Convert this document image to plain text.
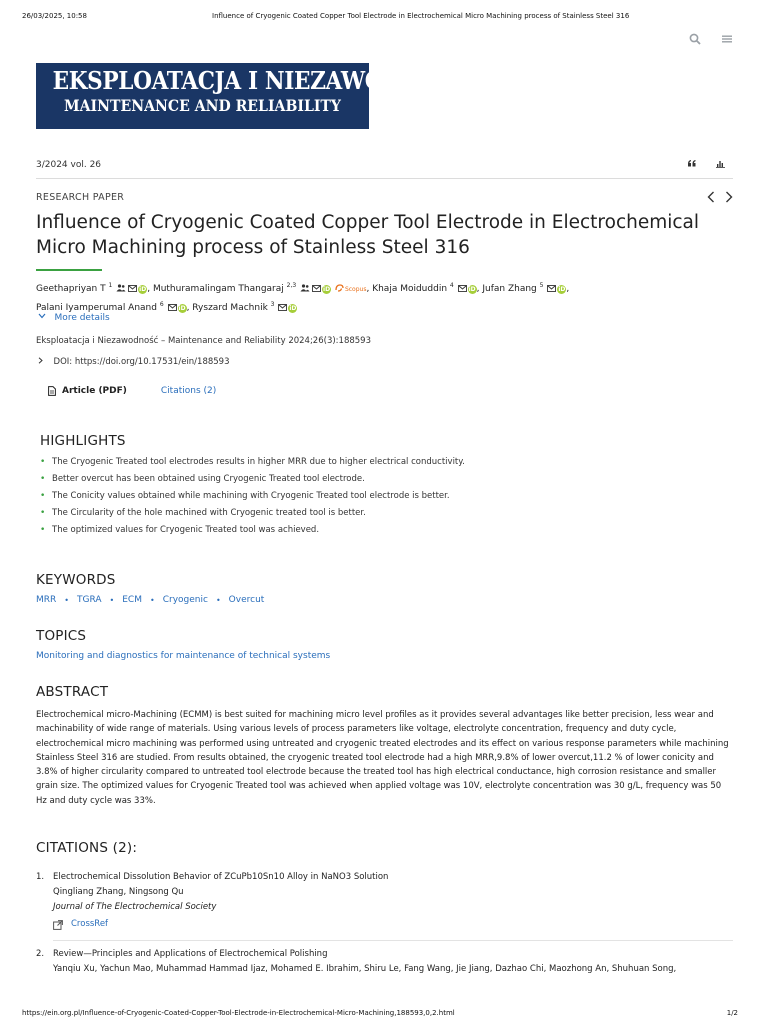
26/03/2025, 10:58	Influence of Cryogenic Coated Copper Tool Electrode in Electrochemical Micro Machining process of Stainless Steel 316
EKSPLOATACJA I NIEZAWODNOŚĆ
MAINTENANCE AND RELIABILITY
3/2024 vol. 26
RESEARCH PAPER
Influence of Cryogenic Coated Copper Tool Electrode in Electrochemical Micro Machining process of Stainless Steel 316
Geethapriyan T $^1$ iD, Muthuramalingam Thangaraj $^{2,3}$ iD Scopus, Khaja Moiduddin $^4$ iD, Jufan Zhang $^5$ iD,
Palani Iyamperumal Anand $^6$ iD, Ryszard Machnik $^3$ iD
More details
Eksploatacja i Niezawodność – Maintenance and Reliability 2024;26(3):188593
DOI: https://doi.org/10.17531/ein/188593
Article (PDF)	Citations (2)
HIGHLIGHTS
• The Cryogenic Treated tool electrodes results in higher MRR due to higher electrical conductivity.
• Better overcut has been obtained using Cryogenic Treated tool electrode.
• The Conicity values obtained while machining with Cryogenic Treated tool electrode is better.
• The Circularity of the hole machined with Cryogenic treated tool is better.
• The optimized values for Cryogenic Treated tool was achieved.
KEYWORDS
MRR • TGRA • ECM • Cryogenic • Overcut
TOPICS
Monitoring and diagnostics for maintenance of technical systems
ABSTRACT

Electrochemical micro-Machining (ECMM) is best suited for machining micro level profiles as it provides several advantages like better precision, less wear and machinability of wide range of materials. Using various levels of process parameters like voltage, electrolyte concentration, frequency and duty cycle, electrochemical micro machining was performed using untreated and cryogenic treated electrodes and its effect on various response parameters while machining Stainless Steel 316 are studied. From results obtained, the cryogenic treated tool electrode had a high MRR,9.8% of lower overcut,11.2 % of lower conicity and 3.8% of higher circularity compared to untreated tool electrode because the treated tool has high electrical conductance, high corrosion resistance and smaller grain size. The optimized values for Cryogenic Treated tool was achieved when applied voltage was 10V, electrolyte concentration was 30 g/L, frequency was 50 Hz and duty cycle was 33%.

CITATIONS (2):
1. Electrochemical Dissolution Behavior of ZCuPb10Sn10 Alloy in NaNO3 Solution
Qingliang Zhang, Ningsong Qu
Journal of The Electrochemical Society
CrossRef
2. Review—Principles and Applications of Electrochemical Polishing
Yanqiu Xu, Yachun Mao, Muhammad Hammad Ijaz, Mohamed E. Ibrahim, Shiru Le, Fang Wang, Jie Jiang, Dazhao Chi, Maozhong An, Shuhuan Song,
https://ein.org.pl/Influence-of-Cryogenic-Coated-Copper-Tool-Electrode-in-Electrochemical-Micro-Machining,188593,0,2.html	1/2
